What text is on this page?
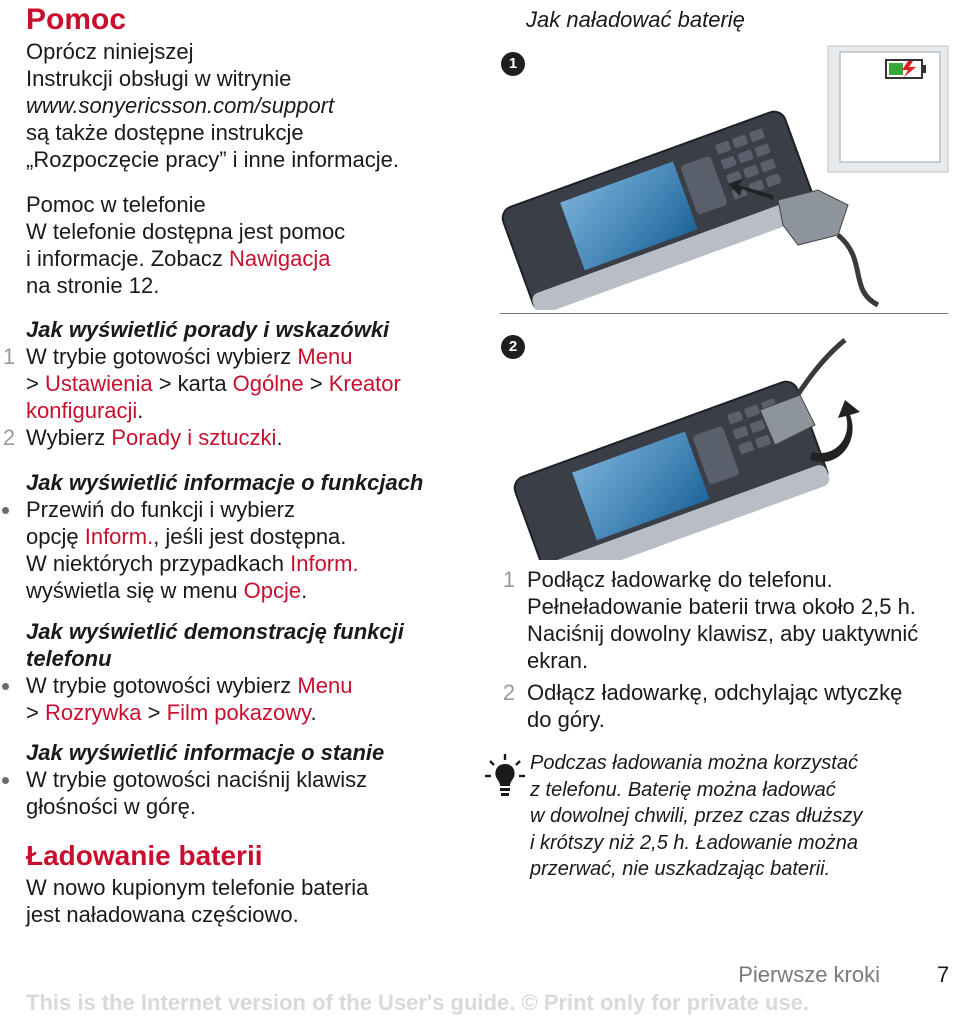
Pomoc

Oprócz niniejszej

Instrukcji obsługi w witrynie

www.sonyericsson.com/support

są także dostępne instrukcje

„Rozpoczęcie pracy” i inne informacje.

Pomoc w telefonie

W telefonie dostępna jest pomoc

i informacje. Zobacz Nawigacja

na stronie 12.

Jak wyświetlić porady i wskazówki

1 W trybie gotowości wybierz Menu
> Ustawienia > karta Ogólne > Kreator
konfiguracji.
2 Wybierz Porady i sztuczki.

Jak wyświetlić informacje o funkcjach

Przewiń do funkcji i wybierz
opcję Inform., jeśli jest dostępna.
W niektórych przypadkach Inform.
wyświetla się w menu Opcje.

Jak wyświetlić demonstrację funkcji

telefonu

W trybie gotowości wybierz Menu
> Rozrywka > Film pokazowy.

Jak wyświetlić informacje o stanie

W trybie gotowości naciśnij klawisz
głośności w górę.
Ładowanie baterii

W nowo kupionym telefonie bateria

jest naładowana częściowo.

Jak naładować baterię
1
2
1 Podłącz ładowarkę do telefonu.
Pełneładowanie baterii trwa około 2,5 h.
Naciśnij dowolny klawisz, aby uaktywnić
ekran.
2 Odłącz ładowarkę, odchylając wtyczkę
do góry.
Podczas ładowania można korzystać
z telefonu. Baterię można ładować
w dowolnej chwili, przez czas dłuższy
i krótszy niż 2,5 h. Ładowanie można
przerwać, nie uszkadzając baterii.
Pierwsze kroki	7
This is the Internet version of the User's guide. © Print only for private use.
